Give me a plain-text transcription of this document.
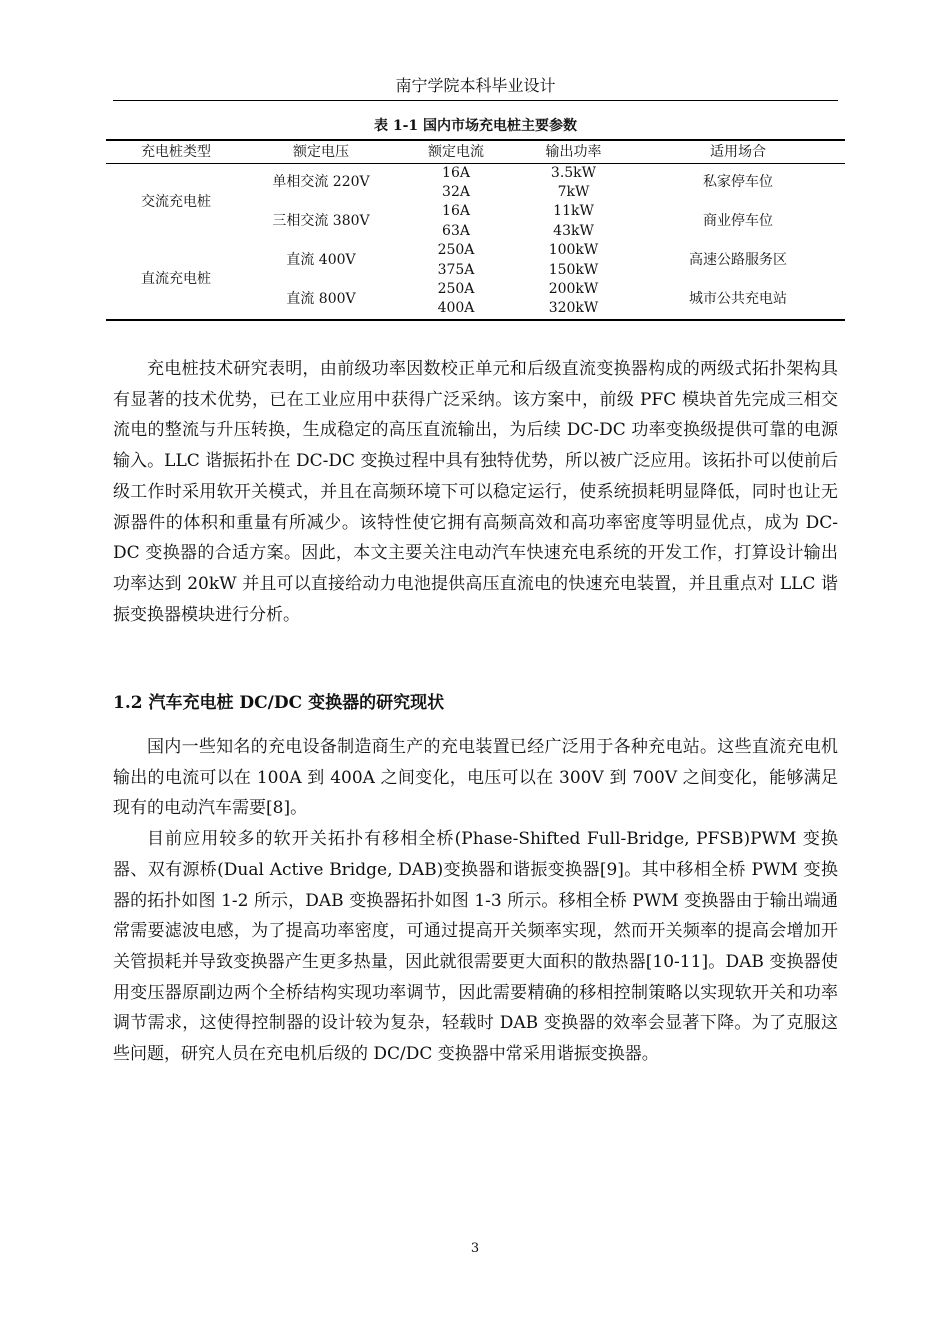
南宁学院本科毕业设计
表 1-1 国内市场充电桩主要参数
充电桩类型	额定电压	额定电流	输出功率	适用场合
交流充电桩	单相交流 220V	16A	3.5kW	私家停车位
		32A	7kW	
	三相交流 380V	16A	11kW	商业停车位
		63A	43kW	
直流充电桩	直流 400V	250A	100kW	高速公路服务区
		375A	150kW	
	直流 800V	250A	200kW	城市公共充电站
		400A	320kW	

充电桩技术研究表明，由前级功率因数校正单元和后级直流变换器构成的两级式拓扑架构具有显著的技术优势，已在工业应用中获得广泛采纳。该方案中，前级 PFC 模块首先完成三相交流电的整流与升压转换，生成稳定的高压直流输出，为后续 DC-DC 功率变换级提供可靠的电源输入。LLC 谐振拓扑在 DC-DC 变换过程中具有独特优势，所以被广泛应用。该拓扑可以使前后级工作时采用软开关模式，并且在高频环境下可以稳定运行，使系统损耗明显降低，同时也让无源器件的体积和重量有所减少。该特性使它拥有高频高效和高功率密度等明显优点，成为 DC-DC 变换器的合适方案。因此，本文主要关注电动汽车快速充电系统的开发工作，打算设计输出功率达到 20kW 并且可以直接给动力电池提供高压直流电的快速充电装置，并且重点对 LLC 谐振变换器模块进行分析。

1.2 汽车充电桩 DC/DC 变换器的研究现状

国内一些知名的充电设备制造商生产的充电装置已经广泛用于各种充电站。这些直流充电机输出的电流可以在 100A 到 400A 之间变化，电压可以在 300V 到 700V 之间变化，能够满足现有的电动汽车需要[8]。
目前应用较多的软开关拓扑有移相全桥(Phase-Shifted Full-Bridge, PFSB)PWM 变换器、双有源桥(Dual Active Bridge, DAB)变换器和谐振变换器[9]。其中移相全桥 PWM 变换器的拓扑如图 1-2 所示，DAB 变换器拓扑如图 1-3 所示。移相全桥 PWM 变换器由于输出端通常需要滤波电感，为了提高功率密度，可通过提高开关频率实现，然而开关频率的提高会增加开关管损耗并导致变换器产生更多热量，因此就很需要更大面积的散热器[10-11]。DAB 变换器使用变压器原副边两个全桥结构实现功率调节，因此需要精确的移相控制策略以实现软开关和功率调节需求，这使得控制器的设计较为复杂，轻载时 DAB 变换器的效率会显著下降。为了克服这些问题，研究人员在充电机后级的 DC/DC 变换器中常采用谐振变换器。

3
